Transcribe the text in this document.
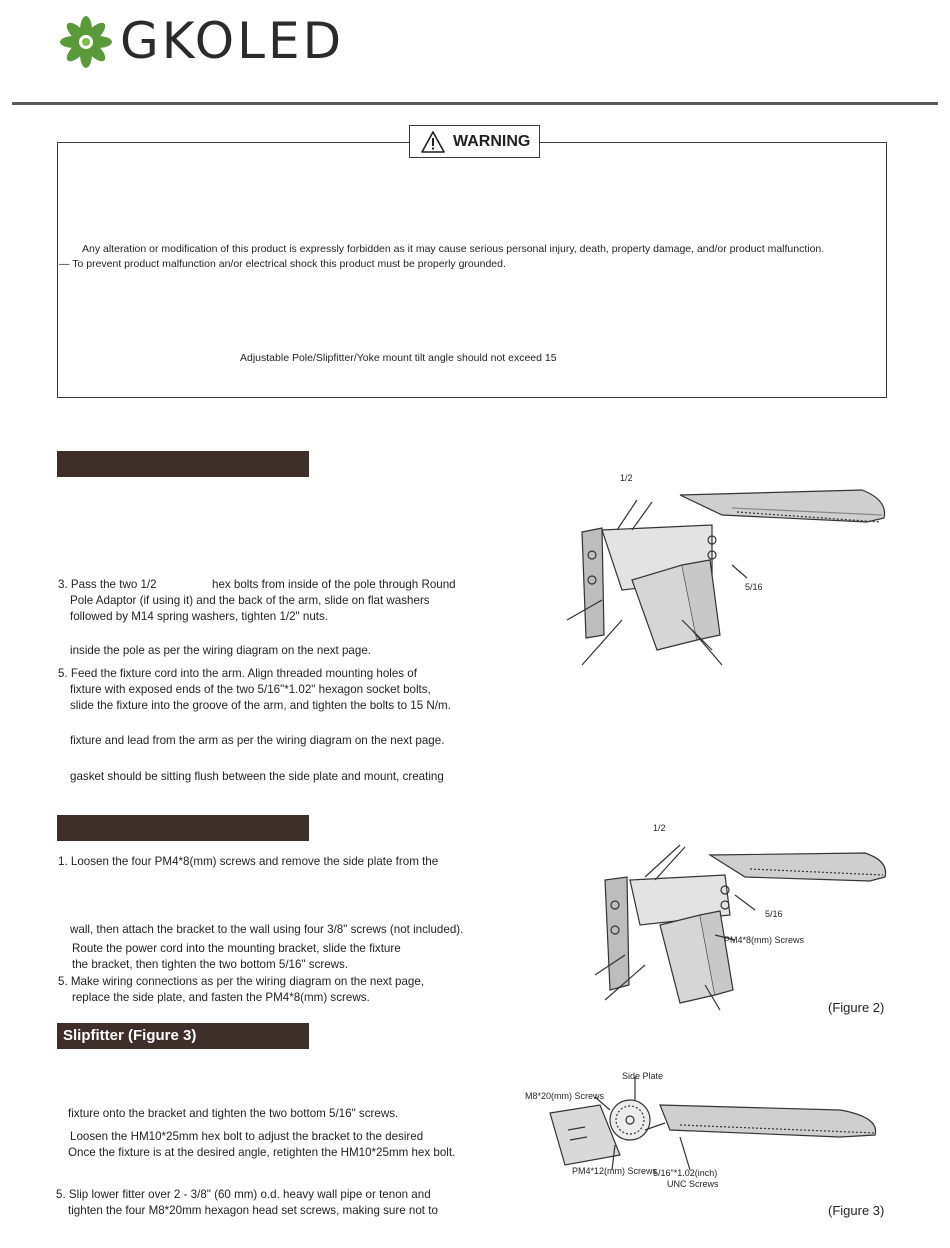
GKOLED
WARNING
Any alteration or modification of this product is expressly forbidden as it may cause serious personal injury, death, property damage, and/or product malfunction.
— To prevent product malfunction an/or electrical shock this product must be properly grounded.
Adjustable Pole/Slipfitter/Yoke mount tilt angle should not exceed 15
3. Pass the two 1/2	hex bolts from inside of the pole through Round
Pole Adaptor (if using it) and the back of the arm, slide on flat washers
followed by M14 spring washers, tighten 1/2" nuts.
inside the pole as per the wiring diagram on the next page.
5. Feed the fixture cord into the arm. Align threaded mounting holes of
fixture with exposed ends of the two 5/16"*1.02" hexagon socket bolts,
slide the fixture into the groove of the arm, and tighten the bolts to 15 N/m.
fixture and lead from the arm as per the wiring diagram on the next page.
gasket should be sitting flush between the side plate and mount, creating
1/2
5/16
1. Loosen the four PM4*8(mm) screws and remove the side plate from the
wall, then attach the bracket to the wall using four 3/8" screws (not included).
Route the power cord into the mounting bracket, slide the fixture
the bracket, then tighten the two bottom 5/16" screws.
5. Make wiring connections as per the wiring diagram on the next page,
replace the side plate, and fasten the PM4*8(mm) screws.
1/2
5/16
PM4*8(mm) Screws
(Figure 2)
Slipfitter (Figure 3)
fixture onto the bracket and tighten the two bottom 5/16" screws.
Loosen the HM10*25mm hex bolt to adjust the bracket to the desired
Once the fixture is at the desired angle, retighten the HM10*25mm hex bolt.
5. Slip lower fitter over 2 - 3/8" (60 mm) o.d. heavy wall pipe or tenon and
tighten the four M8*20mm hexagon head set screws, making sure not to
Side Plate
M8*20(mm) Screws
PM4*12(mm) Screws
5/16"*1.02(inch)
UNC Screws
(Figure 3)
